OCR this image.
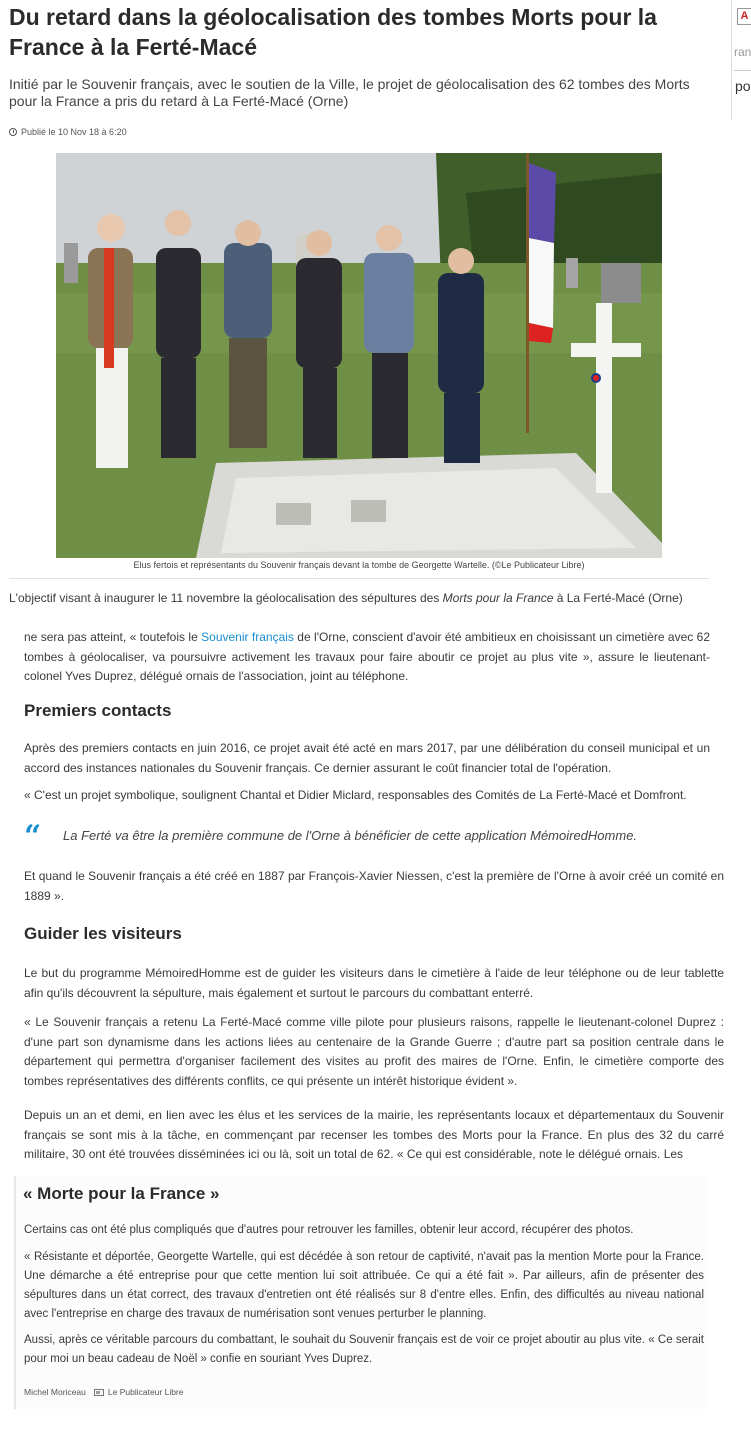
Du retard dans la géolocalisation des tombes Morts pour la France à la Ferté-Macé

Initié par le Souvenir français, avec le soutien de la Ville, le projet de géolocalisation des 62 tombes des Morts pour la France a pris du retard à La Ferté-Macé (Orne)

Publié le 10 Nov 18 à 6:20
A
ran
po
Elus fertois et représentants du Souvenir français devant la tombe de Georgette Wartelle. (©Le Publicateur Libre)

L'objectif visant à inaugurer le 11 novembre la géolocalisation des sépultures des Morts pour la France à La Ferté-Macé (Orne)

ne sera pas atteint, « toutefois le Souvenir français de l'Orne, conscient d'avoir été ambitieux en choisissant un cimetière avec 62 tombes à géolocaliser, va poursuivre activement les travaux pour faire aboutir ce projet au plus vite », assure le lieutenant-colonel Yves Duprez, délégué ornais de l'association, joint au téléphone.

Premiers contacts

Après des premiers contacts en juin 2016, ce projet avait été acté en mars 2017, par une délibération du conseil municipal et un accord des instances nationales du Souvenir français. Ce dernier assurant le coût financier total de l'opération.

« C'est un projet symbolique, soulignent Chantal et Didier Miclard, responsables des Comités de La Ferté-Macé et Domfront.

“ La Ferté va être la première commune de l'Orne à bénéficier de cette application MémoiredHomme.

Et quand le Souvenir français a été créé en 1887 par François-Xavier Niessen, c'est la première de l'Orne à avoir créé un comité en 1889 ».

Guider les visiteurs

Le but du programme MémoiredHomme est de guider les visiteurs dans le cimetière à l'aide de leur téléphone ou de leur tablette afin qu'ils découvrent la sépulture, mais également et surtout le parcours du combattant enterré.

« Le Souvenir français a retenu La Ferté-Macé comme ville pilote pour plusieurs raisons, rappelle le lieutenant-colonel Duprez : d'une part son dynamisme dans les actions liées au centenaire de la Grande Guerre ; d'autre part sa position centrale dans le département qui permettra d'organiser facilement des visites au profit des maires de l'Orne. Enfin, le cimetière comporte des tombes représentatives des différents conflits, ce qui présente un intérêt historique évident ».

Depuis un an et demi, en lien avec les élus et les services de la mairie, les représentants locaux et départementaux du Souvenir français se sont mis à la tâche, en commençant par recenser les tombes des Morts pour la France. En plus des 32 du carré militaire, 30 ont été trouvées disséminées ici ou là, soit un total de 62. « Ce qui est considérable, note le délégué ornais. Les

« Morte pour la France »

Certains cas ont été plus compliqués que d'autres pour retrouver les familles, obtenir leur accord, récupérer des photos.

« Résistante et déportée, Georgette Wartelle, qui est décédée à son retour de captivité, n'avait pas la mention Morte pour la France. Une démarche a été entreprise pour que cette mention lui soit attribuée. Ce qui a été fait ». Par ailleurs, afin de présenter des sépultures dans un état correct, des travaux d'entretien ont été réalisés sur 8 d'entre elles. Enfin, des difficultés au niveau national avec l'entreprise en charge des travaux de numérisation sont venues perturber le planning.

Aussi, après ce véritable parcours du combattant, le souhait du Souvenir français est de voir ce projet aboutir au plus vite. « Ce serait pour moi un beau cadeau de Noël » confie en souriant Yves Duprez.

Michel Moriceau	Le Publicateur Libre
